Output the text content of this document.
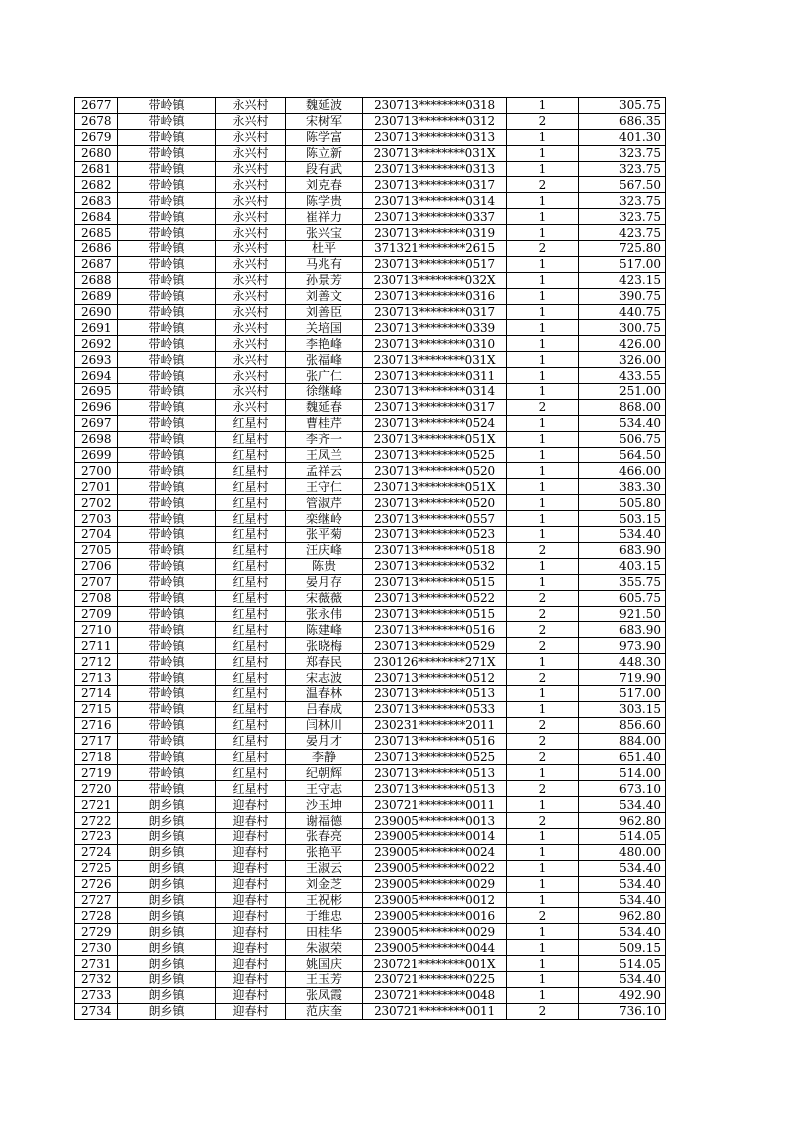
2677	带岭镇	永兴村	魏延波	230713********0318	1	305.75
2678	带岭镇	永兴村	宋树军	230713********0312	2	686.35
2679	带岭镇	永兴村	陈学富	230713********0313	1	401.30
2680	带岭镇	永兴村	陈立新	230713********031X	1	323.75
2681	带岭镇	永兴村	段有武	230713********0313	1	323.75
2682	带岭镇	永兴村	刘克春	230713********0317	2	567.50
2683	带岭镇	永兴村	陈学贵	230713********0314	1	323.75
2684	带岭镇	永兴村	崔祥力	230713********0337	1	323.75
2685	带岭镇	永兴村	张兴宝	230713********0319	1	423.75
2686	带岭镇	永兴村	杜平	371321********2615	2	725.80
2687	带岭镇	永兴村	马兆有	230713********0517	1	517.00
2688	带岭镇	永兴村	孙景芳	230713********032X	1	423.15
2689	带岭镇	永兴村	刘善文	230713********0316	1	390.75
2690	带岭镇	永兴村	刘善臣	230713********0317	1	440.75
2691	带岭镇	永兴村	关培国	230713********0339	1	300.75
2692	带岭镇	永兴村	李艳峰	230713********0310	1	426.00
2693	带岭镇	永兴村	张福峰	230713********031X	1	326.00
2694	带岭镇	永兴村	张广仁	230713********0311	1	433.55
2695	带岭镇	永兴村	徐继峰	230713********0314	1	251.00
2696	带岭镇	永兴村	魏延春	230713********0317	2	868.00
2697	带岭镇	红星村	曹桂芹	230713********0524	1	534.40
2698	带岭镇	红星村	李齐一	230713********051X	1	506.75
2699	带岭镇	红星村	王凤兰	230713********0525	1	564.50
2700	带岭镇	红星村	孟祥云	230713********0520	1	466.00
2701	带岭镇	红星村	王守仁	230713********051X	1	383.30
2702	带岭镇	红星村	管淑芹	230713********0520	1	505.80
2703	带岭镇	红星村	栾继岭	230713********0557	1	503.15
2704	带岭镇	红星村	张平菊	230713********0523	1	534.40
2705	带岭镇	红星村	汪庆峰	230713********0518	2	683.90
2706	带岭镇	红星村	陈贵	230713********0532	1	403.15
2707	带岭镇	红星村	晏月存	230713********0515	1	355.75
2708	带岭镇	红星村	宋薇薇	230713********0522	2	605.75
2709	带岭镇	红星村	张永伟	230713********0515	2	921.50
2710	带岭镇	红星村	陈建峰	230713********0516	2	683.90
2711	带岭镇	红星村	张晓梅	230713********0529	2	973.90
2712	带岭镇	红星村	郑春民	230126********271X	1	448.30
2713	带岭镇	红星村	宋志波	230713********0512	2	719.90
2714	带岭镇	红星村	温春林	230713********0513	1	517.00
2715	带岭镇	红星村	吕春成	230713********0533	1	303.15
2716	带岭镇	红星村	闫林川	230231********2011	2	856.60
2717	带岭镇	红星村	晏月才	230713********0516	2	884.00
2718	带岭镇	红星村	李静	230713********0525	2	651.40
2719	带岭镇	红星村	纪朝辉	230713********0513	1	514.00
2720	带岭镇	红星村	王守志	230713********0513	2	673.10
2721	朗乡镇	迎春村	沙玉坤	230721********0011	1	534.40
2722	朗乡镇	迎春村	谢福德	239005********0013	2	962.80
2723	朗乡镇	迎春村	张春亮	239005********0014	1	514.05
2724	朗乡镇	迎春村	张艳平	239005********0024	1	480.00
2725	朗乡镇	迎春村	王淑云	239005********0022	1	534.40
2726	朗乡镇	迎春村	刘金芝	239005********0029	1	534.40
2727	朗乡镇	迎春村	王祝彬	239005********0012	1	534.40
2728	朗乡镇	迎春村	于维忠	239005********0016	2	962.80
2729	朗乡镇	迎春村	田桂华	239005********0029	1	534.40
2730	朗乡镇	迎春村	朱淑荣	239005********0044	1	509.15
2731	朗乡镇	迎春村	姚国庆	230721********001X	1	514.05
2732	朗乡镇	迎春村	王玉芳	230721********0225	1	534.40
2733	朗乡镇	迎春村	张凤霞	230721********0048	1	492.90
2734	朗乡镇	迎春村	范庆奎	230721********0011	2	736.10
